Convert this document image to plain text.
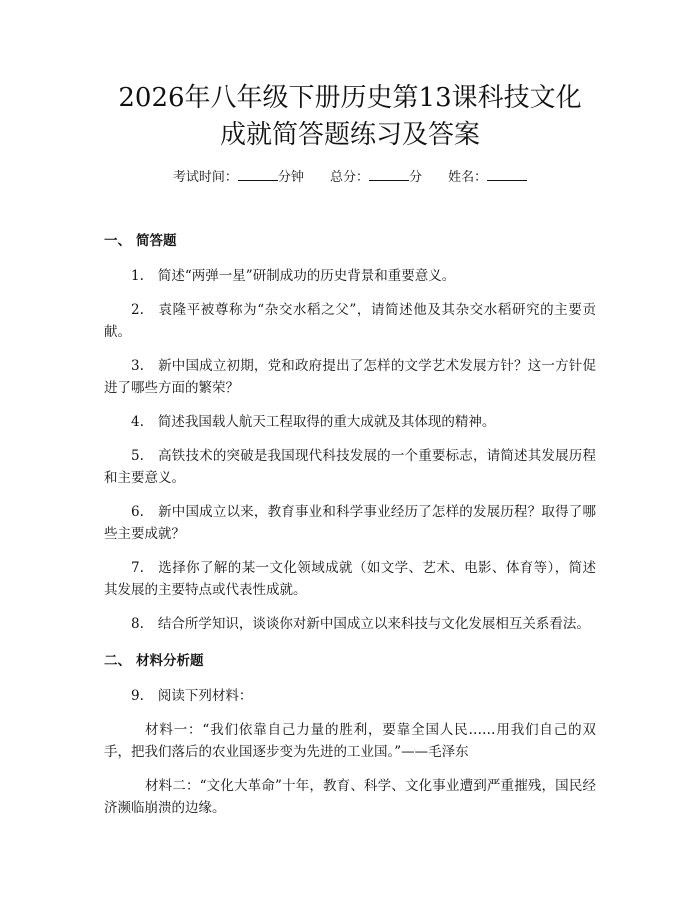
2026年八年级下册历史第13课科技文化成就简答题练习及答案
考试时间：	分钟 总分：	分 姓名：

一、 简答题

1. 简述“两弹一星”研制成功的历史背景和重要意义。

2. 袁隆平被尊称为“杂交水稻之父”，请简述他及其杂交水稻研究的主要贡献。

3. 新中国成立初期，党和政府提出了怎样的文学艺术发展方针？这一方针促进了哪些方面的繁荣？

4. 简述我国载人航天工程取得的重大成就及其体现的精神。

5. 高铁技术的突破是我国现代科技发展的一个重要标志，请简述其发展历程和主要意义。

6. 新中国成立以来，教育事业和科学事业经历了怎样的发展历程？取得了哪些主要成就？

7. 选择你了解的某一文化领域成就（如文学、艺术、电影、体育等），简述其发展的主要特点或代表性成就。

8. 结合所学知识，谈谈你对新中国成立以来科技与文化发展相互关系看法。

二、 材料分析题

9. 阅读下列材料：

材料一：“我们依靠自己力量的胜利，要靠全国人民……用我们自己的双手，把我们落后的农业国逐步变为先进的工业国。”——毛泽东

材料二：“文化大革命”十年，教育、科学、文化事业遭到严重摧残，国民经济濒临崩溃的边缘。
